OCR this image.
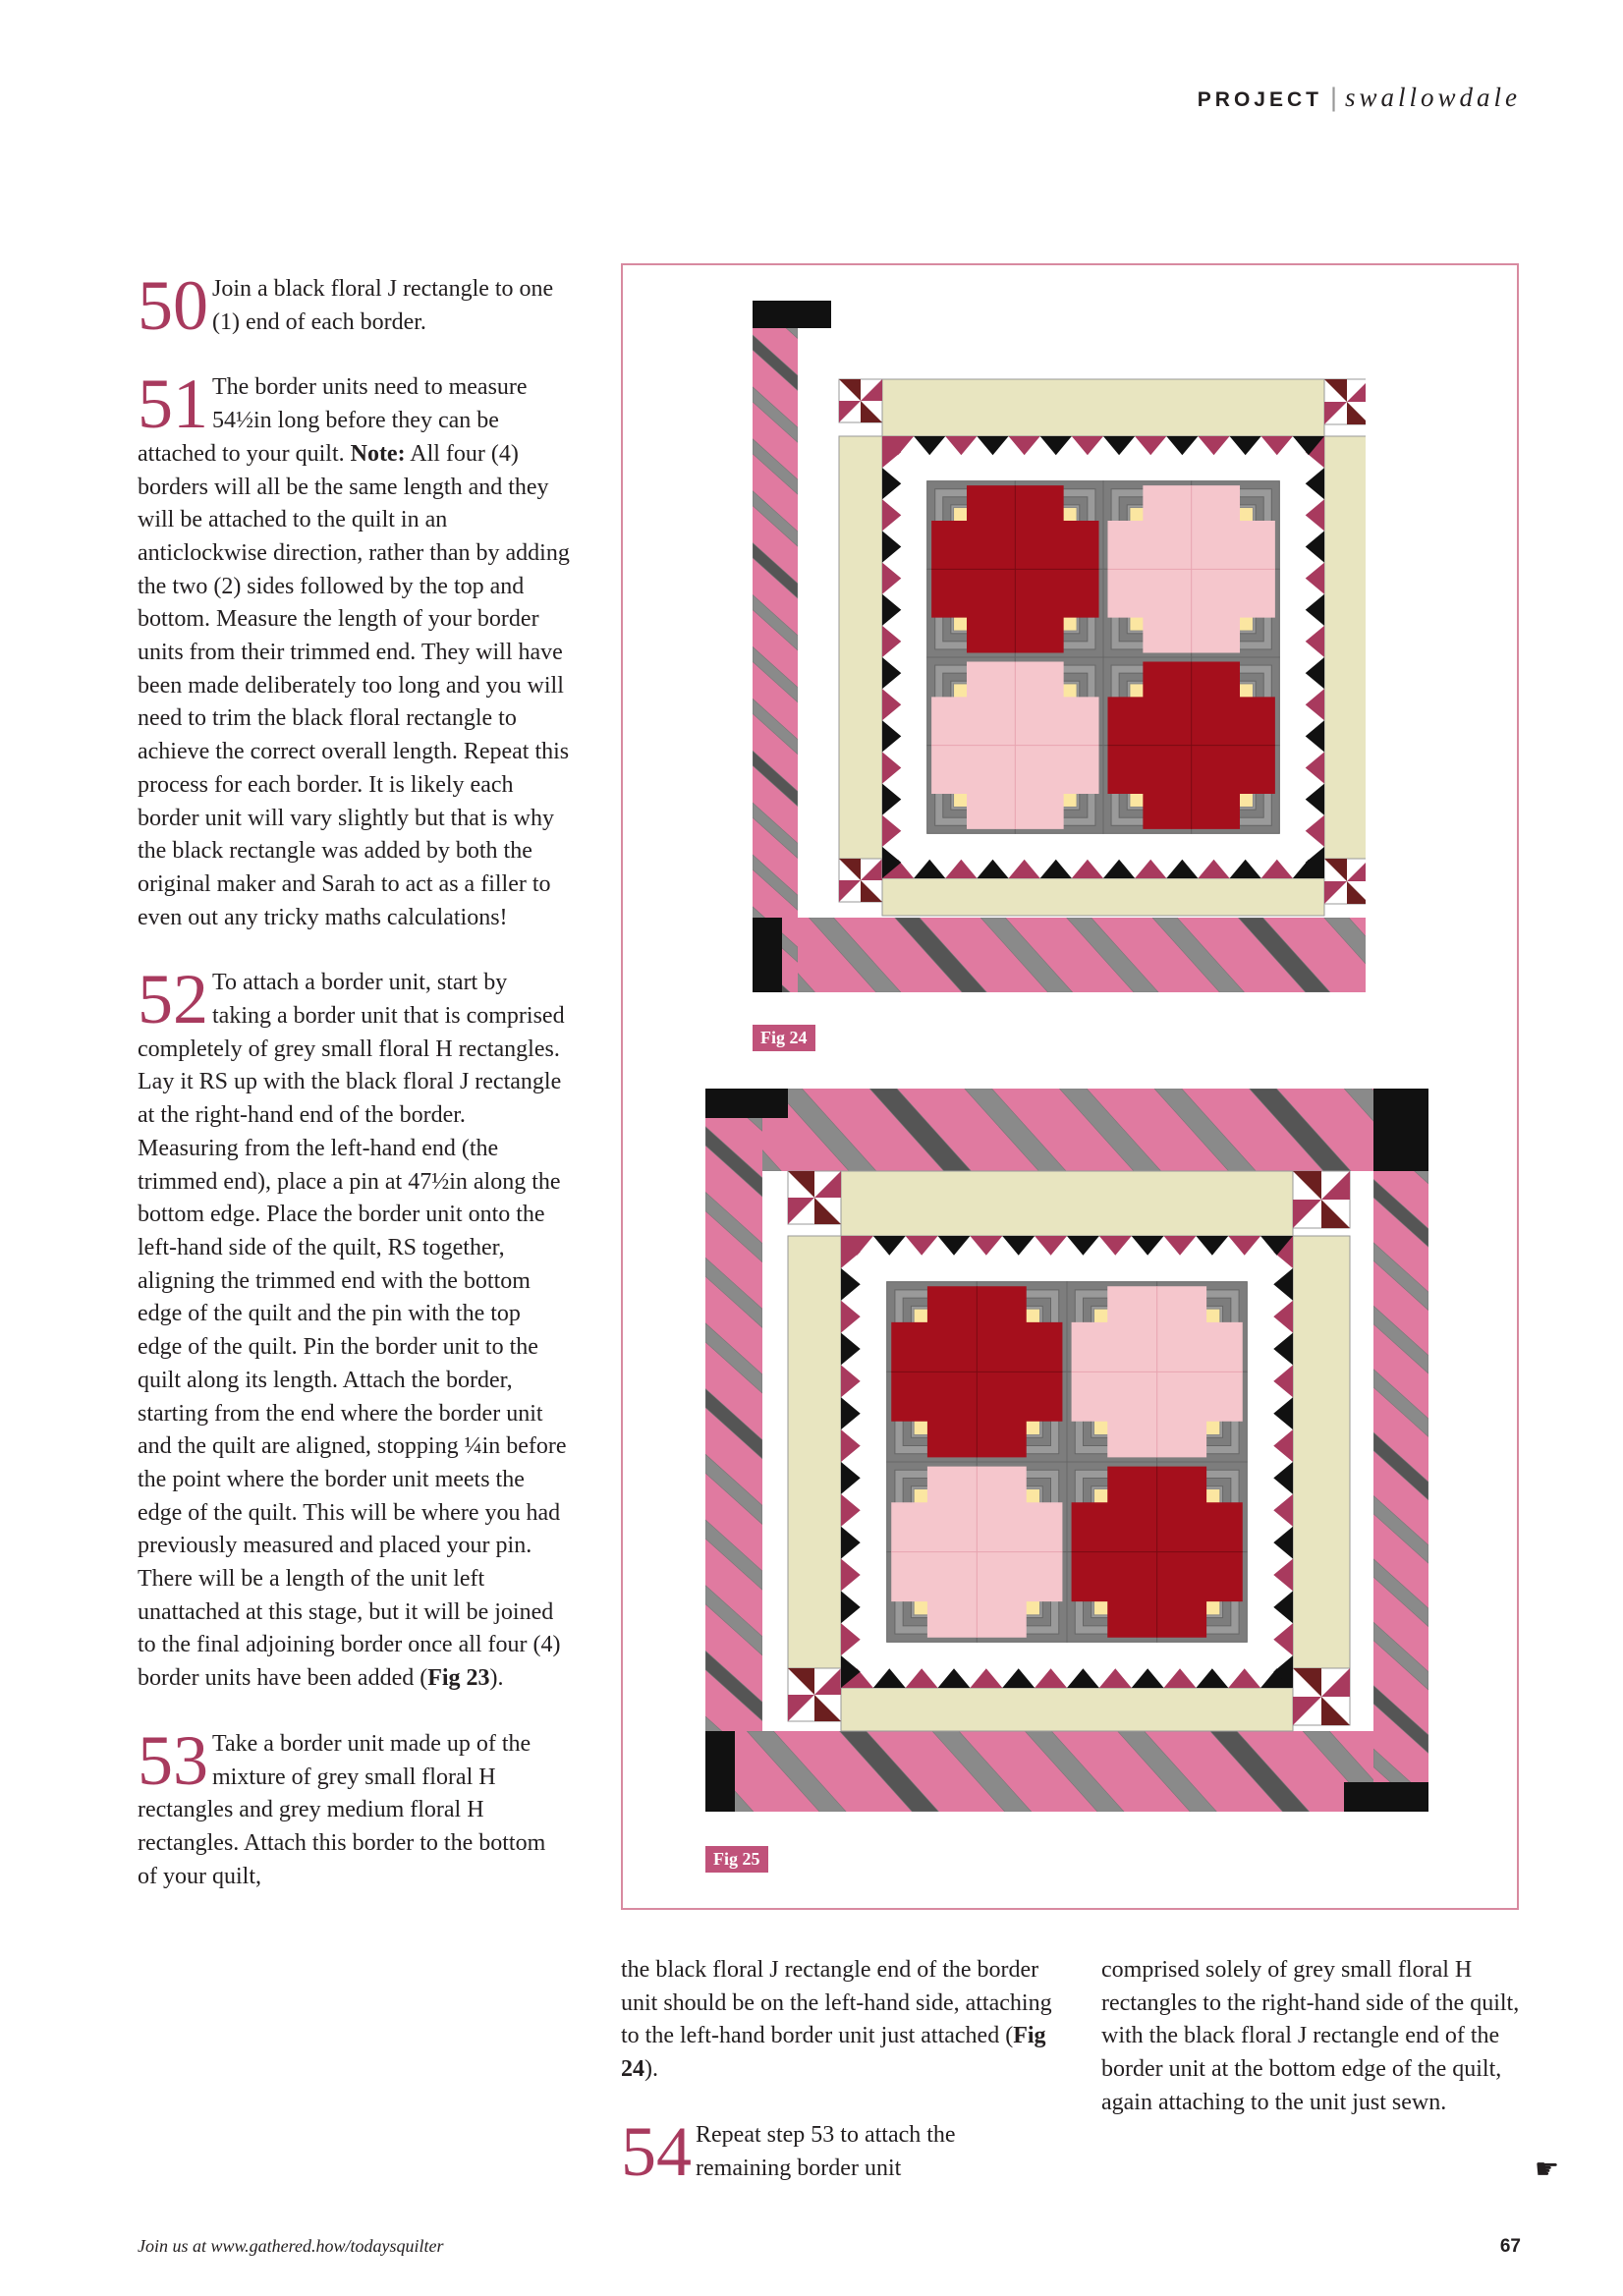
PROJECT | swallowdale
50 Join a black floral J rectangle to one (1) end of each border.

51 The border units need to measure 54½in long before they can be attached to your quilt. Note: All four (4) borders will all be the same length and they will be attached to the quilt in an anticlockwise direction, rather than by adding the two (2) sides followed by the top and bottom. Measure the length of your border units from their trimmed end. They will have been made deliberately too long and you will need to trim the black floral rectangle to achieve the correct overall length. Repeat this process for each border. It is likely each border unit will vary slightly but that is why the black rectangle was added by both the original maker and Sarah to act as a filler to even out any tricky maths calculations!

52 To attach a border unit, start by taking a border unit that is comprised completely of grey small floral H rectangles. Lay it RS up with the black floral J rectangle at the right-hand end of the border. Measuring from the left-hand end (the trimmed end), place a pin at 47½in along the bottom edge. Place the border unit onto the left-hand side of the quilt, RS together, aligning the trimmed end with the bottom edge of the quilt and the pin with the top edge of the quilt. Pin the border unit to the quilt along its length. Attach the border, starting from the end where the border unit and the quilt are aligned, stopping ¼in before the point where the border unit meets the edge of the quilt. This will be where you had previously measured and placed your pin. There will be a length of the unit left unattached at this stage, but it will be joined to the final adjoining border once all four (4) border units have been added (Fig 23).

53 Take a border unit made up of the mixture of grey small floral H rectangles and grey medium floral H rectangles. Attach this border to the bottom of your quilt,

the black floral J rectangle end of the border unit should be on the left-hand side, attaching to the left-hand border unit just attached (Fig 24).

54 Repeat step 53 to attach the remaining border unit

comprised solely of grey small floral H rectangles to the right-hand side of the quilt, with the black floral J rectangle end of the border unit at the bottom edge of the quilt, again attaching to the unit just sewn.

Fig 24
Fig 25
☛
Join us at www.gathered.how/todaysquilter	67
